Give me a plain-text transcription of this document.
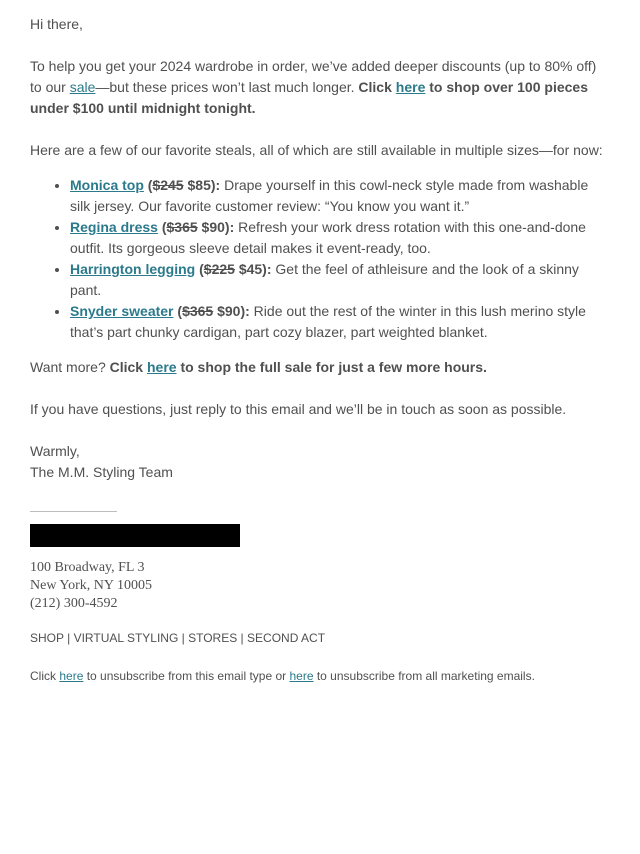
Hi there,

To help you get your 2024 wardrobe in order, we’ve added deeper discounts (up to 80% off) to our sale—but these prices won’t last much longer. Click here to shop over 100 pieces under $100 until midnight tonight.

Here are a few of our favorite steals, all of which are still available in multiple sizes—for now:

• Monica top ($245 $85): Drape yourself in this cowl-neck style made from washable silk jersey. Our favorite customer review: “You know you want it.”
• Regina dress ($365 $90): Refresh your work dress rotation with this one-and-done outfit. Its gorgeous sleeve detail makes it event-ready, too.
• Harrington legging ($225 $45): Get the feel of athleisure and the look of a skinny pant.
• Snyder sweater ($365 $90): Ride out the rest of the winter in this lush merino style that’s part chunky cardigan, part cozy blazer, part weighted blanket.

Want more? Click here to shop the full sale for just a few more hours.

If you have questions, just reply to this email and we’ll be in touch as soon as possible.

Warmly,

The M.M. Styling Team

100 Broadway, FL 3
New York, NY 10005
(212) 300-4592
SHOP | VIRTUAL STYLING | STORES | SECOND ACT
Click here to unsubscribe from this email type or here to unsubscribe from all marketing emails.
